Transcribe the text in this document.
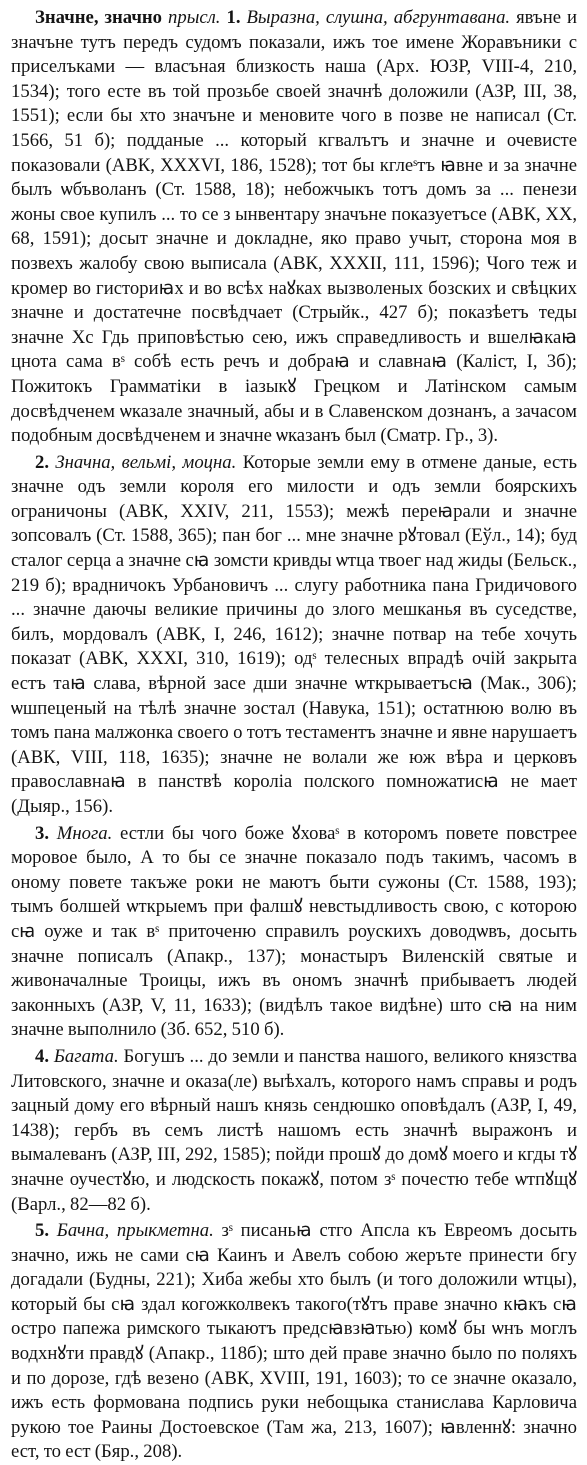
Значне, значно прысл. 1. Выразна, слушна, абгрунтавана. явъне и значъне тутъ передъ судомъ показали, ижъ тое имене Жоравъники с приселъками — власъная близкость наша (Арх. ЮЗР, VIII-4, 210, 1534); того есте въ той прозьбе своей значнѣ доложили (АЗР, III, 38, 1551); если бы хто значъне и меновите чого в позве не написал (Ст. 1566, 51 б); подданые ... который кгвалътъ и значне и очевисте показовали (АВК, XXXVI, 186, 1528); тот бы кглеˢтъ ꙗвне и за значне былъ ѡбъволанъ (Ст. 1588, 18); небожчыкъ тотъ домъ за ... пенези жоны свое купилъ ... то се з ынвентару значъне показуетъсе (АВК, XX, 68, 1591); досыт значне и докладне, яко право учыт, сторона моя в позвехъ жалобу свою выписала (АВК, XXXII, 111, 1596); Чого теж и кромер во гисториꙗх и во всѣх наꙋках вызволеных бозских и свѣцких значне и достатечне посвѣдчает (Стрыйк., 427 б); показѣетъ теды значне Хс Гдь приповѣстью сею, ижъ справедливость и вшелꙗкаꙗ цнота сама вˢ собѣ есть речъ и добраꙗ и славнаꙗ (Каліст, I, 3б); Пожитокъ Грамматіки в іазыкꙋ Грецком и Латінском самым досвѣдченем ѡказале значный, абы и в Славенском дознанъ, а зачасом подобным досвѣдченем и значне ѡказанъ был (Сматр. Гр., 3).

2. Значна, вельмі, моцна. Которые земли ему в отмене даные, есть значне одъ земли короля его милости и одъ земли боярскихъ ограничоны (АВК, XXIV, 211, 1553); межѣ переꙗрали и значне зопсовалъ (Ст. 1588, 365); пан бог ... мне значне рꙋтовал (Еўл., 14); буд сталог серца а значне сꙗ зомсти кривды ѡтца твоег над жиды (Бельск., 219 б); врадничокъ Урбановичъ ... слугу работника пана Гридичового ... значне даючы великие причины до злого мешканья въ суседстве, билъ, мордовалъ (АВК, I, 246, 1612); значне потвар на тебе хочуть показат (АВК, XXXI, 310, 1619); одˢ телесных впрадѣ очій закрыта естъ таꙗ слава, вѣрной засе дши значне ѡткрываетъсꙗ (Мак., 306); ѡшпеценый на тѣлѣ значне зостал (Навука, 151); остатнюю волю въ томъ пана малжонка своего о тотъ тестаментъ значне и явне нарушаетъ (АВК, VIII, 118, 1635); значне не волали же юж вѣра и церковъ православнаꙗ в панствѣ короліа полского помножатисꙗ не мает (Дыяр., 156).

3. Многа. естли бы чого боже ꙋховаˢ в которомъ повете повстрее моровое было, А то бы се значне показало подъ такимъ, часомъ в оному повете такъже роки не маютъ быти сужоны (Ст. 1588, 193); тымъ болшей ѡткрыемъ при фалшꙋ невстыдливость свою, с которою сꙗ оуже и так вˢ приточеню справилъ роускихъ доводѡвъ, досыть значне пописалъ (Апакр., 137); монастыръ Виленскій святые и живоначалные Троицы, ижъ въ ономъ значнѣ прибываетъ людей законныхъ (АЗР, V, 11, 1633); (видѣлъ такое видѣне) што сꙗ на ним значне выполнило (Зб. 652, 510 б).

4. Багата. Богушъ ... до земли и панства нашого, великого князства Литовского, значне и оказа(ле) выѣхалъ, которого намъ справы и родъ зацный дому его вѣрный нашъ князь сендюшко оповѣдалъ (АЗР, I, 49, 1438); гербъ въ семъ листѣ нашомъ есть значнѣ выражонъ и вымалеванъ (АЗР, III, 292, 1585); пойди прошꙋ до домꙋ моего и кгды тꙋ значне оучестꙋю, и людскость покажꙋ, потом зˢ почестю тебе ѡтпꙋщꙋ (Варл., 82—82 б).

5. Бачна, прыкметна. зˢ писаньꙗ стго Апсла къ Евреомъ досыть значно, ижь не сами сꙗ Каинъ и Авелъ собою жеръте принести бгу догадали (Будны, 221); Хиба жебы хто былъ (и того доложили ѡтцы), который бы сꙗ здал когожколвекъ такого(тꙋтъ праве значно кꙗкъ сꙗ остро папежа римского тыкаютъ предсꙗвзꙗтью) комꙋ бы ѡнъ моглъ водхнꙋти правдꙋ (Апакр., 118б); што дей праве значно было по поляхъ и по дорозе, гдѣ везено (АВК, XVIII, 191, 1603); то се значне оказало, ижъ есть формована подпись руки небощыка станислава Карловича рукою тое Раины Достоевское (Там жа, 213, 1607); ꙗвленнꙋ: значно ест, то ест (Бяр., 208).
